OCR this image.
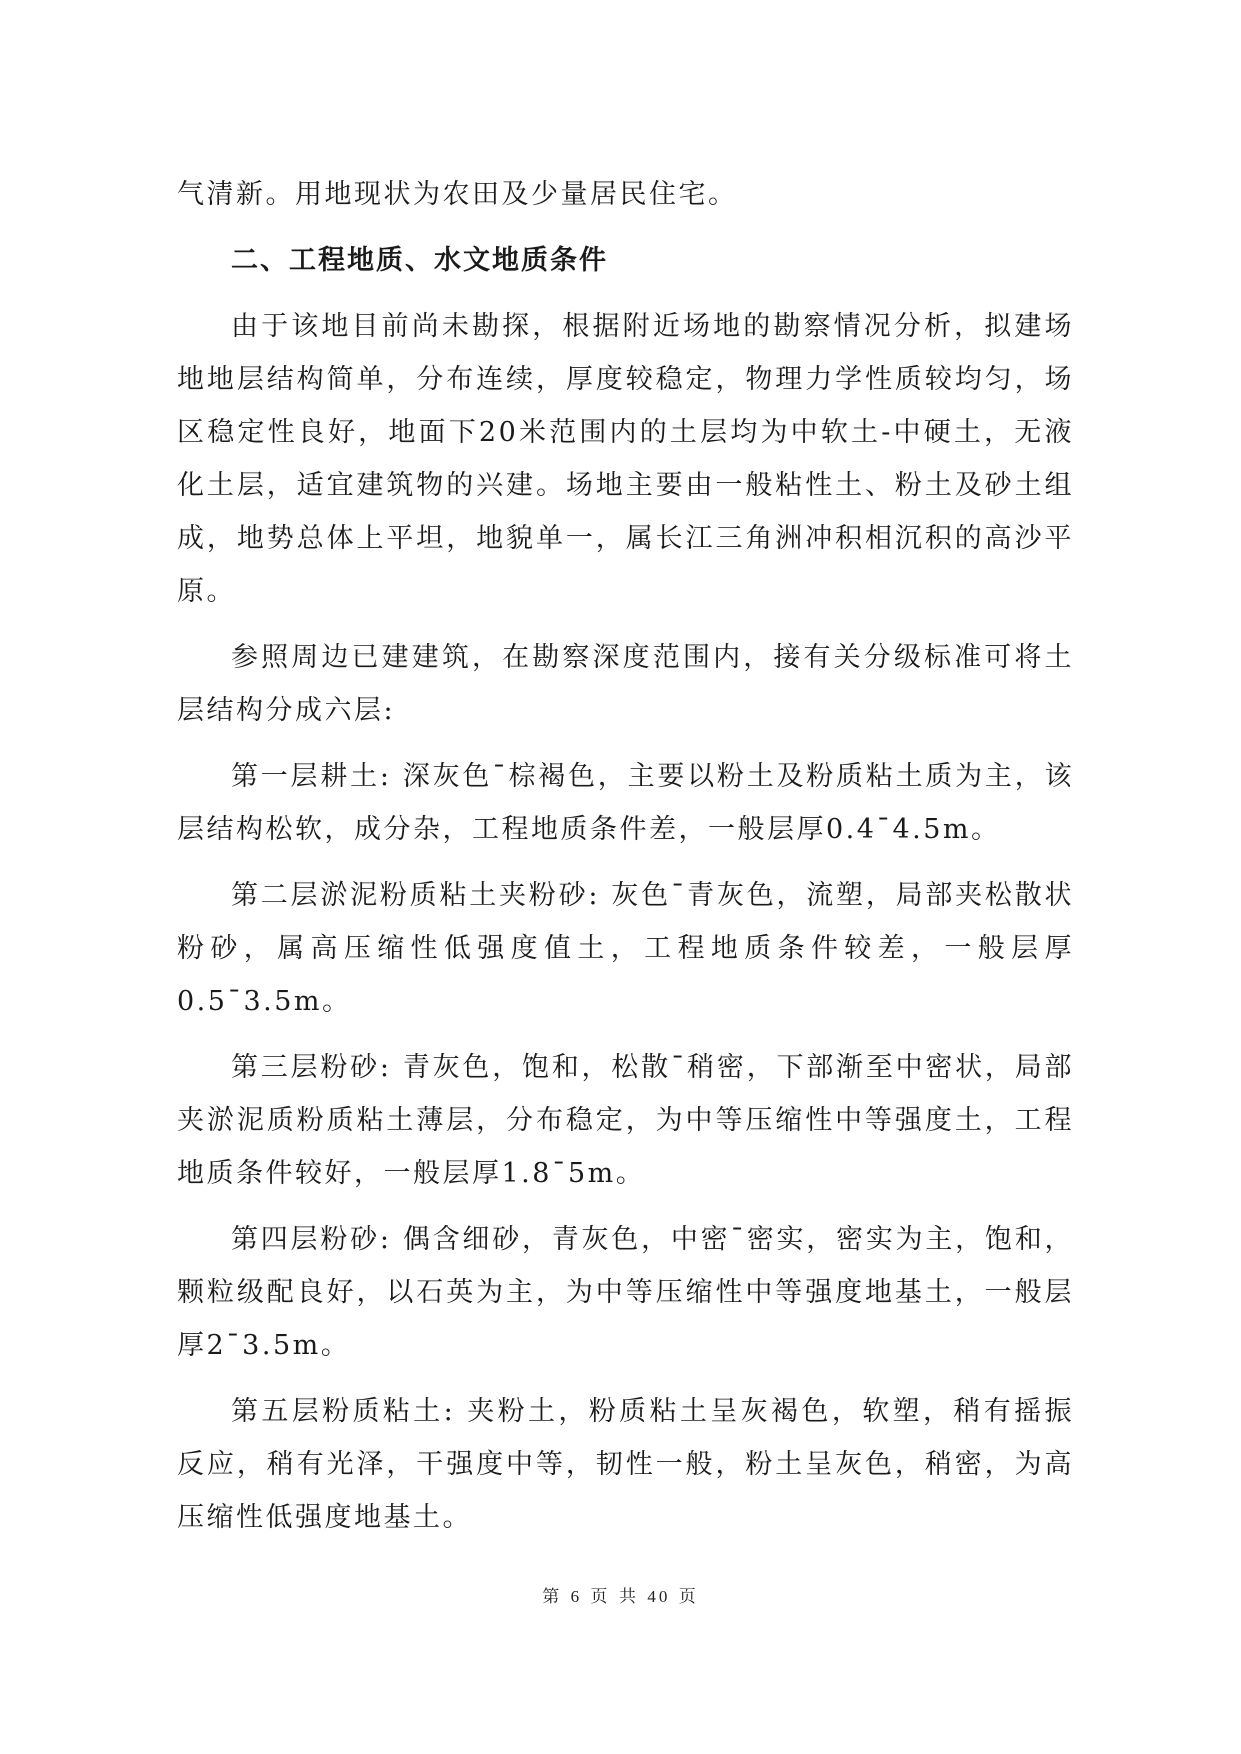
气清新。用地现状为农田及少量居民住宅。

二、工程地质、水文地质条件

由于该地目前尚未勘探，根据附近场地的勘察情况分析，拟建场地地层结构简单，分布连续，厚度较稳定，物理力学性质较均匀，场区稳定性良好，地面下20米范围内的土层均为中软土-中硬土，无液化土层，适宜建筑物的兴建。场地主要由一般粘性土、粉土及砂土组成，地势总体上平坦，地貌单一，属长江三角洲冲积相沉积的高沙平原。

参照周边已建建筑，在勘察深度范围内，接有关分级标准可将土层结构分成六层:

第一层耕土: 深灰色¯棕褐色，主要以粉土及粉质粘土质为主，该层结构松软，成分杂，工程地质条件差，一般层厚0.4¯4.5m。

第二层淤泥粉质粘土夹粉砂: 灰色¯青灰色，流塑，局部夹松散状粉砂，属高压缩性低强度值土，工程地质条件较差，一般层厚0.5¯3.5m。

第三层粉砂: 青灰色，饱和，松散¯稍密，下部渐至中密状，局部夹淤泥质粉质粘土薄层，分布稳定，为中等压缩性中等强度土，工程地质条件较好，一般层厚1.8¯5m。

第四层粉砂: 偶含细砂，青灰色，中密¯密实，密实为主，饱和，颗粒级配良好，以石英为主，为中等压缩性中等强度地基土，一般层厚2¯3.5m。

第五层粉质粘土: 夹粉土，粉质粘土呈灰褐色，软塑，稍有摇振反应，稍有光泽，干强度中等，韧性一般，粉土呈灰色，稍密，为高压缩性低强度地基土。

第 6 页 共 40 页
